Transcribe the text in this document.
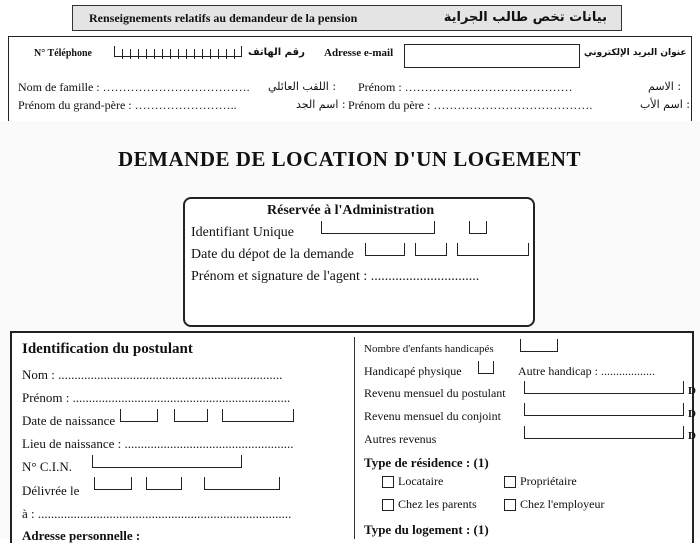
Renseignements relatifs au demandeur de la pension	بيانات تخص طالب الجراية
N° Téléphone	رقم الهاتف Adresse e-mail	عنوان البريد الإلكتروني
Nom de famille : ………………………………. اللقب العائلي : Prénom : ……………………………………	الاسم :
Prénom du grand-père : ……………………..	اسم الجد : Prénom du père : ………………………………….	اسم الأب :
DEMANDE DE LOCATION D'UN LOGEMENT
Réservée à l'Administration
Identifiant Unique
Date du dépot de la demande
Prénom et signature de l'agent : ...............................
Identification du postulant
Nom : .....................................................................
Prénom : ...................................................................
Date de naissance
Lieu de naissance : ....................................................
N° C.I.N.
Délivrée le
à : ..............................................................................
Adresse personnelle :
Nombre d'enfants handicapés
Handicapé physique	Autre handicap : ..................
Revenu mensuel du postulant	D
Revenu mensuel du conjoint	D
Autres revenus	D
Type de résidence : (1)
Locataire	Propriétaire
Chez les parents	Chez l'employeur
Type du logement : (1)
